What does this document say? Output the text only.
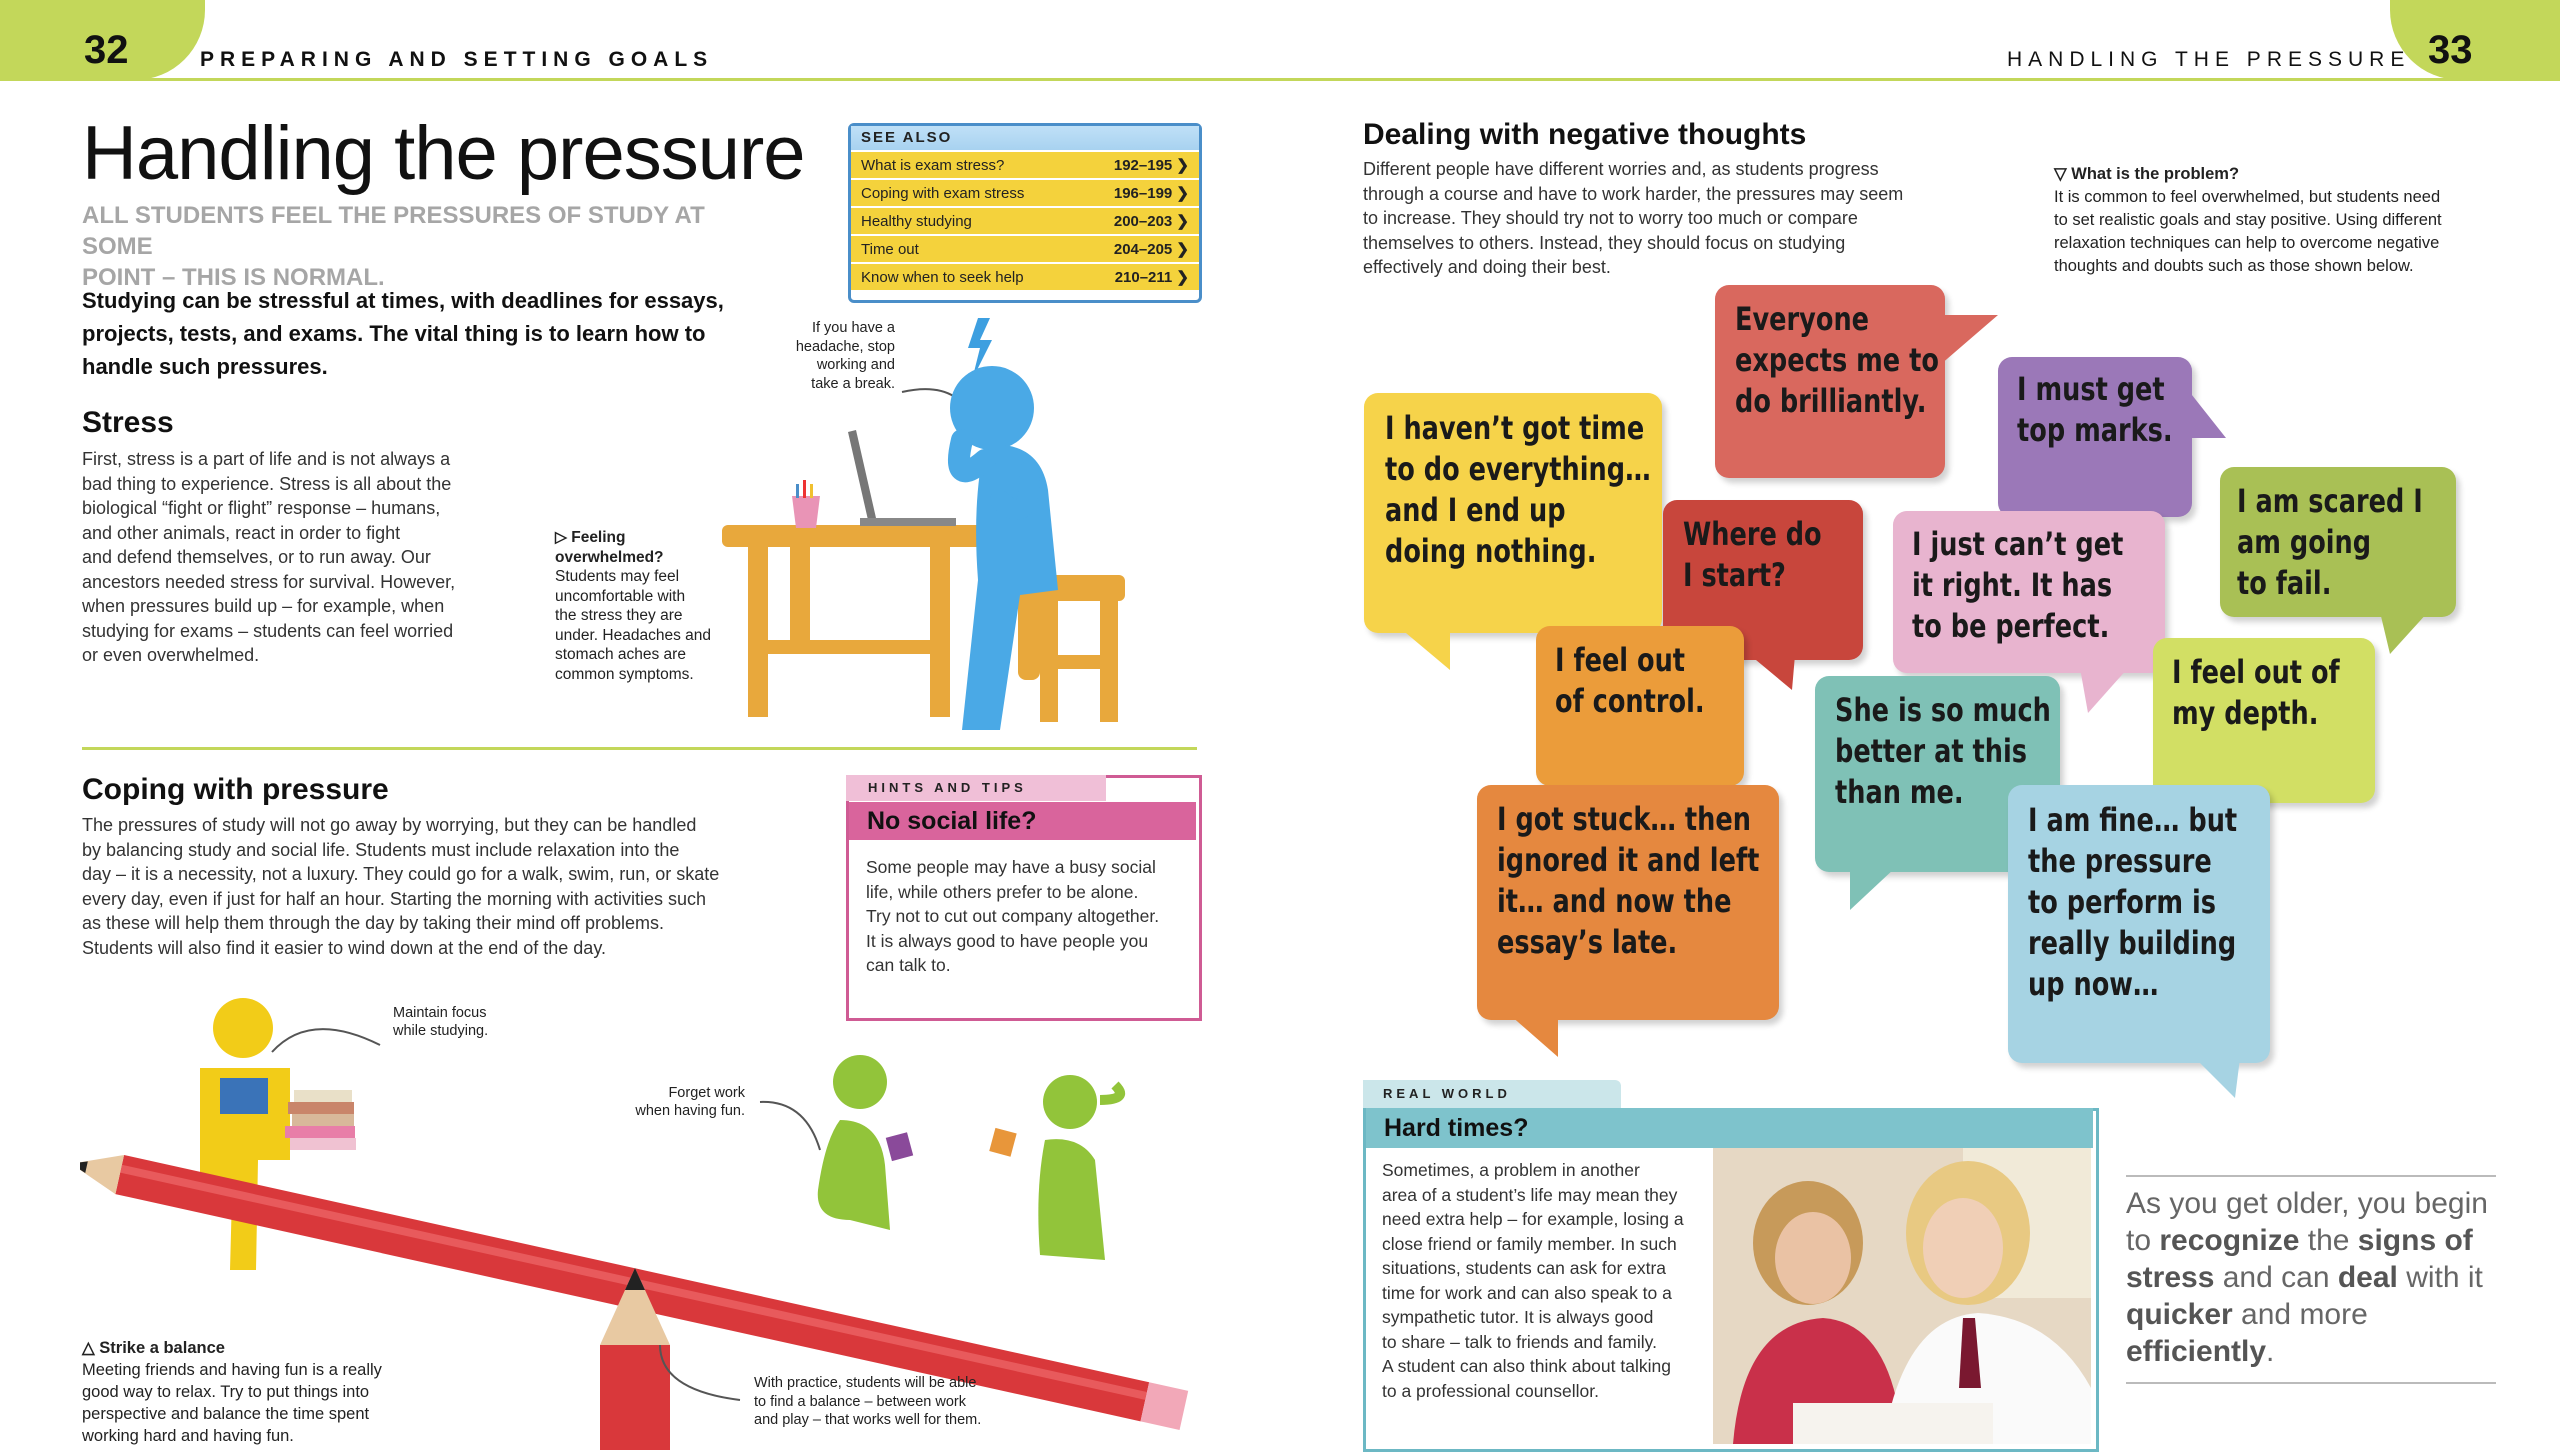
32	PREPARING AND SETTING GOALS	HANDLING THE PRESSURE 33
Handling the pressure
ALL STUDENTS FEEL THE PRESSURES OF STUDY AT SOME
POINT – THIS IS NORMAL.
Studying can be stressful at times, with deadlines for essays,
projects, tests, and exams. The vital thing is to learn how to
handle such pressures.
SEE ALSO
What is exam stress?	192–195 ❯
Coping with exam stress	196–199 ❯
Healthy studying	200–203 ❯
Time out	204–205 ❯
Know when to seek help	210–211 ❯
Stress
First, stress is a part of life and is not always a
bad thing to experience. Stress is all about the
biological “fight or flight” response – humans,
and other animals, react in order to fight
and defend themselves, or to run away. Our
ancestors needed stress for survival. However,
when pressures build up – for example, when
studying for exams – students can feel worried
or even overwhelmed.
▷ Feeling
overwhelmed?
Students may feel
uncomfortable with
the stress they are
under. Headaches and
stomach aches are
common symptoms.
If you have a
headache, stop
working and
take a break.
Coping with pressure
The pressures of study will not go away by worrying, but they can be handled
by balancing study and social life. Students must include relaxation into the
day – it is a necessity, not a luxury. They could go for a walk, swim, run, or skate
every day, even if just for half an hour. Starting the morning with activities such
as these will help them through the day by taking their mind off problems.
Students will also find it easier to wind down at the end of the day.
HINTS AND TIPS
No social life?
Some people may have a busy social
life, while others prefer to be alone.
Try not to cut out company altogether.
It is always good to have people you
can talk to.
Maintain focus
while studying.
Forget work
when having fun.
△ Strike a balance
Meeting friends and having fun is a really
good way to relax. Try to put things into
perspective and balance the time spent
working hard and having fun.
With practice, students will be able
to find a balance – between work
and play – that works well for them.
Dealing with negative thoughts
Different people have different worries and, as students progress
through a course and have to work harder, the pressures may seem
to increase. They should try not to worry too much or compare
themselves to others. Instead, they should focus on studying
effectively and doing their best.
▽ What is the problem?
It is common to feel overwhelmed, but students need
to set realistic goals and stay positive. Using different
relaxation techniques can help to overcome negative
thoughts and doubts such as those shown below.
Everyone
expects me to
do brilliantly.	I must get
top marks.
I haven’t got time
to do everything…
and I end up
doing nothing.	Where do
I start?
I just can’t get
it right. It has
to be perfect.
I am scared I
am going
to fail.
I feel out
of control.	She is so much
better at this
than me.
I feel out of
my depth.
I got stuck… then
ignored it and left
it… and now the
essay’s late.
I am fine… but
the pressure
to perform is
really building
up now…
REAL WORLD
Hard times?
Sometimes, a problem in another
area of a student’s life may mean they
need extra help – for example, losing a
close friend or family member. In such
situations, students can ask for extra
time for work and can also speak to a
sympathetic tutor. It is always good
to share – talk to friends and family.
A student can also think about talking
to a professional counsellor.
As you get older, you begin to recognize the signs of stress and can deal with it quicker and more efficiently.
